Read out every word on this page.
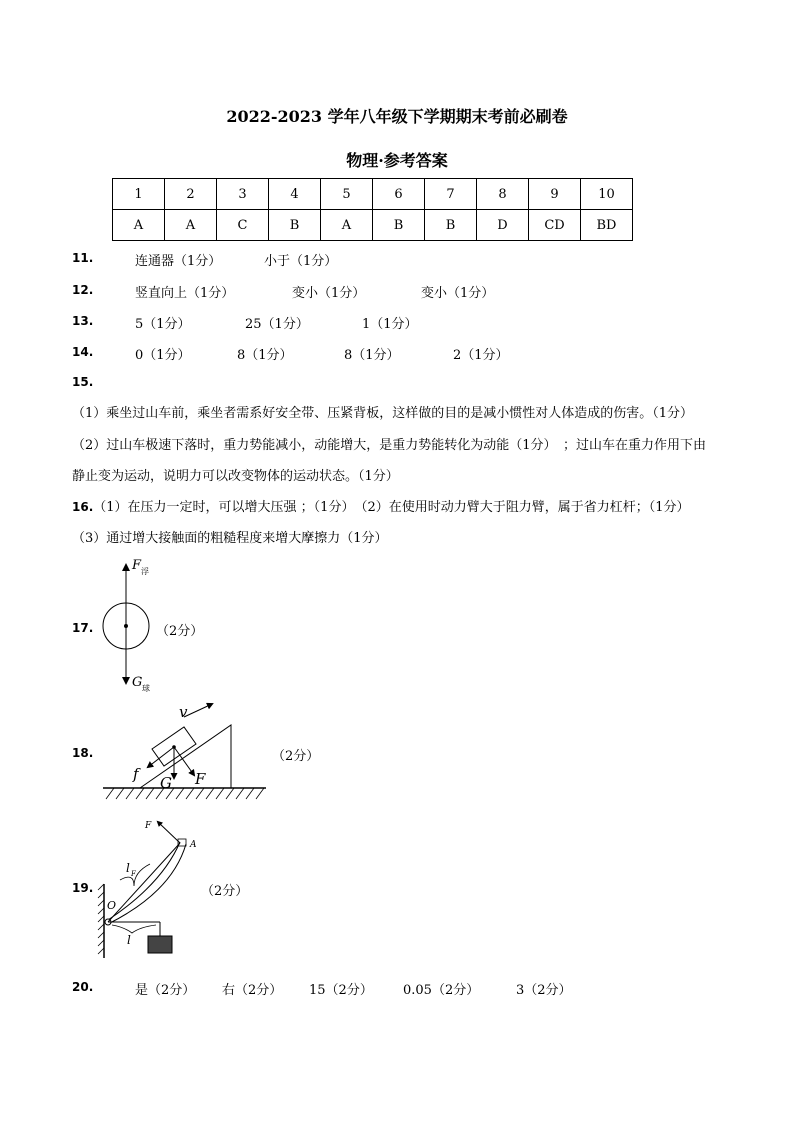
2022-2023 学年八年级下学期期末考前必刷卷
物理·参考答案
1	2	3	4	5	6	7	8	9	10
A	A	C	B	A	B	B	D	CD	BD
11.	连通器（1分）	小于（1分）
12.	竖直向上（1分）	变小（1分）	变小（1分）
13.	5（1分）	25（1分）	1（1分）
14.	0（1分）	8（1分）	8（1分）	2（1分）
15.（1）乘坐过山车前，乘坐者需系好安全带、压紧背板，这样做的目的是减小惯性对人体造成的伤害。（1分）
（2）过山车极速下落时，重力势能减小，动能增大，是重力势能转化为动能（1分）　；过山车在重力作用下由静止变为运动，说明力可以改变物体的运动状态。（1分）
16.（1）在压力一定时，可以增大压强 ；（1分）　（2）在使用时动力臂大于阻力臂，属于省力杠杆；（1分）　（3）通过增大接触面的粗糙程度来增大摩擦力（1分）
17.
F 浮
G 球
（2分）
18.
v
f G F
（2分）
19.
F
A
O
l F
l
（2分）
20.	是（2分） 右（2分） 15（2分） 0.05（2分）	3（2分）
